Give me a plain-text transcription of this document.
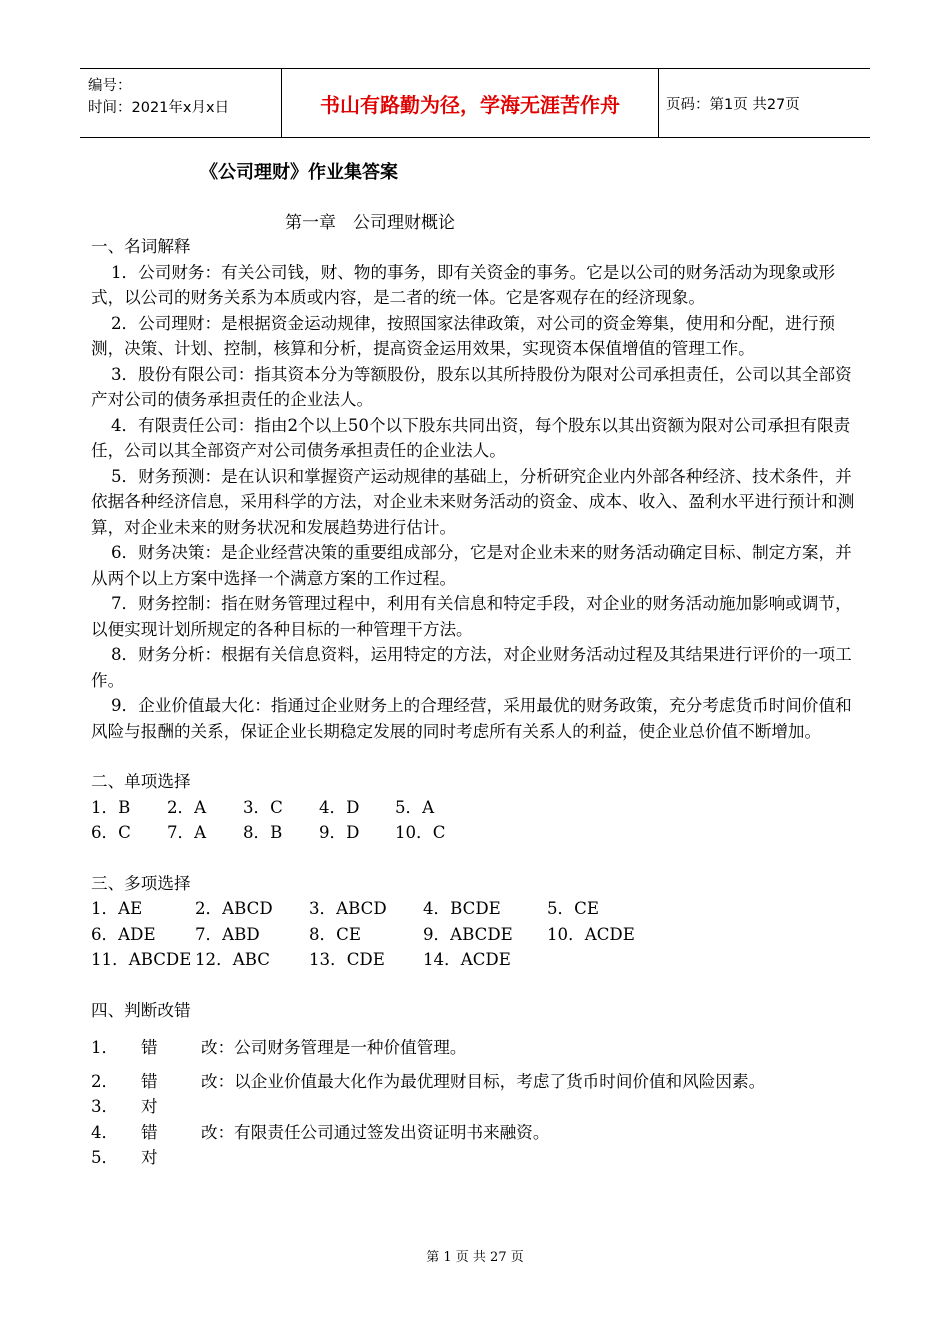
编号：
时间：2021年x月x日	书山有路勤为径，学海无涯苦作舟	页码：第1页 共27页
《公司理财》作业集答案
第一章　公司理财概论

一、名词解释

1．公司财务：有关公司钱，财、物的事务，即有关资金的事务。它是以公司的财务活动为现象或形式，以公司的财务关系为本质或内容，是二者的统一体。它是客观存在的经济现象。

2．公司理财：是根据资金运动规律，按照国家法律政策，对公司的资金筹集，使用和分配，进行预测，决策、计划、控制，核算和分析，提高资金运用效果，实现资本保值增值的管理工作。

3．股份有限公司：指其资本分为等额股份，股东以其所持股份为限对公司承担责任，公司以其全部资产对公司的债务承担责任的企业法人。

4．有限责任公司：指由2个以上50个以下股东共同出资，每个股东以其出资额为限对公司承担有限责任，公司以其全部资产对公司债务承担责任的企业法人。

5．财务预测：是在认识和掌握资产运动规律的基础上，分析研究企业内外部各种经济、技术条件，并依据各种经济信息，采用科学的方法，对企业未来财务活动的资金、成本、收入、盈利水平进行预计和测算，对企业未来的财务状况和发展趋势进行估计。

6．财务决策：是企业经营决策的重要组成部分，它是对企业未来的财务活动确定目标、制定方案，并从两个以上方案中选择一个满意方案的工作过程。

7．财务控制：指在财务管理过程中，利用有关信息和特定手段，对企业的财务活动施加影响或调节，以便实现计划所规定的各种目标的一种管理干方法。

8．财务分析：根据有关信息资料，运用特定的方法，对企业财务活动过程及其结果进行评价的一项工作。

9．企业价值最大化：指通过企业财务上的合理经营，采用最优的财务政策，充分考虑货币时间价值和风险与报酬的关系，保证企业长期稳定发展的同时考虑所有关系人的利益，使企业总价值不断增加。

二、单项选择

1．B	2．A	3．C	4．D	5．A
6．C	7．A	8．B	9．D	10．C

三、多项选择

1．AE	2．ABCD	3．ABCD	4．BCDE	5．CE
6．ADE	7．ABD	8．CE	9．ABCDE	10．ACDE
11．ABCDE 12．ABC	13．CDE	14．ACDE

四、判断改错

1．	错	改：公司财务管理是一种价值管理。

2．	错	改：以企业价值最大化作为最优理财目标，考虑了货币时间价值和风险因素。

3．	对

4．	错	改：有限责任公司通过签发出资证明书来融资。

5．	对

第 1 页 共 27 页
